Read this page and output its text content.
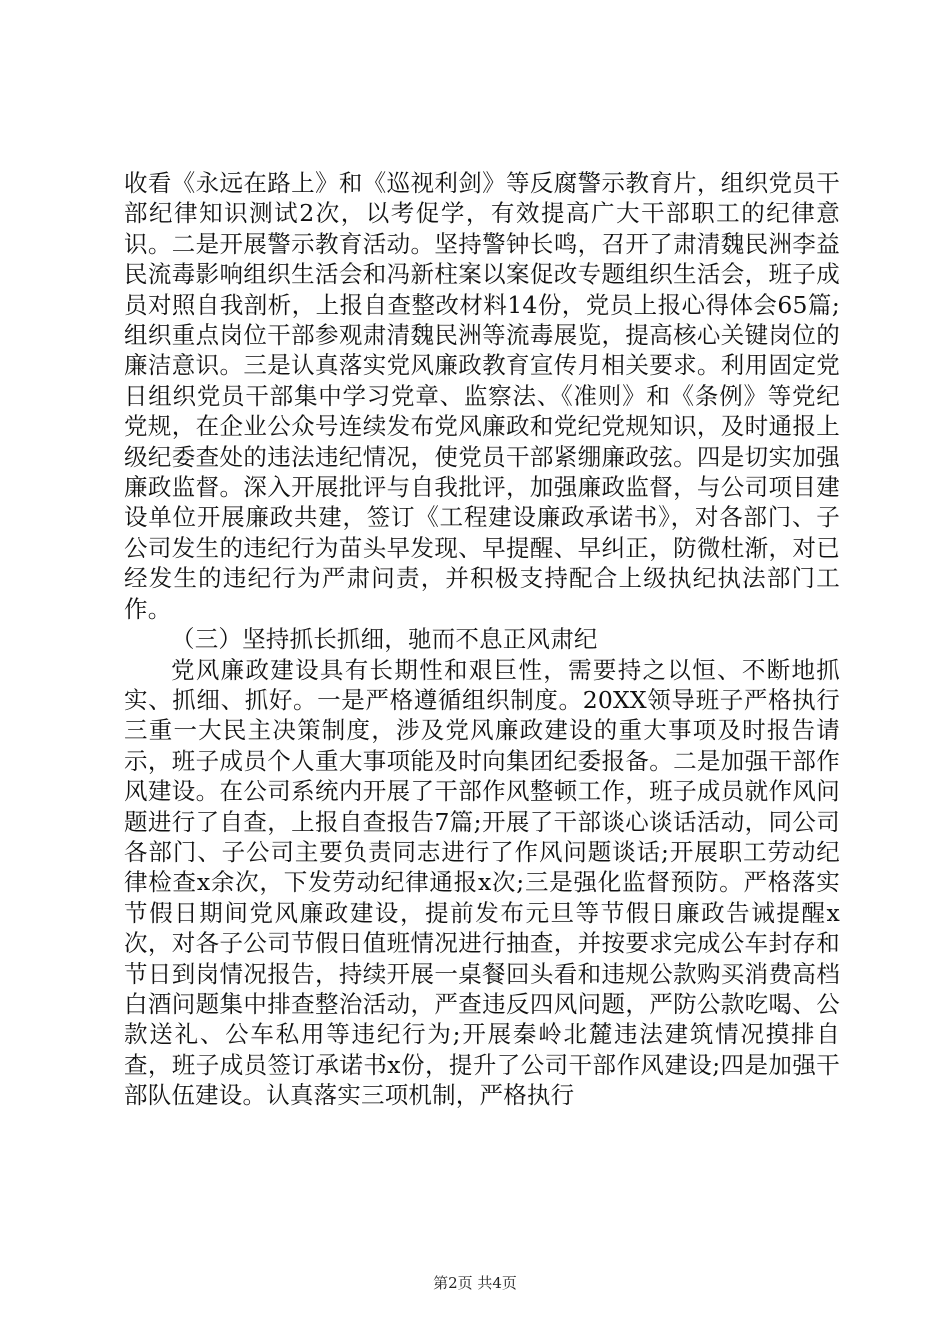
收看《永远在路上》和《巡视利剑》等反腐警示教育片，组织党员干部纪律知识测试2次，以考促学，有效提高广大干部职工的纪律意识。二是开展警示教育活动。坚持警钟长鸣，召开了肃清魏民洲李益民流毒影响组织生活会和冯新柱案以案促改专题组织生活会，班子成员对照自我剖析，上报自查整改材料14份，党员上报心得体会65篇;组织重点岗位干部参观肃清魏民洲等流毒展览，提高核心关键岗位的廉洁意识。三是认真落实党风廉政教育宣传月相关要求。利用固定党日组织党员干部集中学习党章、监察法、《准则》和《条例》等党纪党规，在企业公众号连续发布党风廉政和党纪党规知识，及时通报上级纪委查处的违法违纪情况，使党员干部紧绷廉政弦。四是切实加强廉政监督。深入开展批评与自我批评，加强廉政监督，与公司项目建设单位开展廉政共建，签订《工程建设廉政承诺书》，对各部门、子公司发生的违纪行为苗头早发现、早提醒、早纠正，防微杜渐，对已经发生的违纪行为严肃问责，并积极支持配合上级执纪执法部门工作。

（三）坚持抓长抓细，驰而不息正风肃纪

党风廉政建设具有长期性和艰巨性，需要持之以恒、不断地抓实、抓细、抓好。一是严格遵循组织制度。20XX领导班子严格执行三重一大民主决策制度，涉及党风廉政建设的重大事项及时报告请示，班子成员个人重大事项能及时向集团纪委报备。二是加强干部作风建设。在公司系统内开展了干部作风整顿工作，班子成员就作风问题进行了自查，上报自查报告7篇;开展了干部谈心谈话活动，同公司各部门、子公司主要负责同志进行了作风问题谈话;开展职工劳动纪律检查x余次，下发劳动纪律通报x次;三是强化监督预防。严格落实节假日期间党风廉政建设，提前发布元旦等节假日廉政告诫提醒x次，对各子公司节假日值班情况进行抽查，并按要求完成公车封存和节日到岗情况报告，持续开展一桌餐回头看和违规公款购买消费高档白酒问题集中排查整治活动，严查违反四风问题，严防公款吃喝、公款送礼、公车私用等违纪行为;开展秦岭北麓违法建筑情况摸排自查，班子成员签订承诺书x份，提升了公司干部作风建设;四是加强干部队伍建设。认真落实三项机制，严格执行

第2页 共4页
